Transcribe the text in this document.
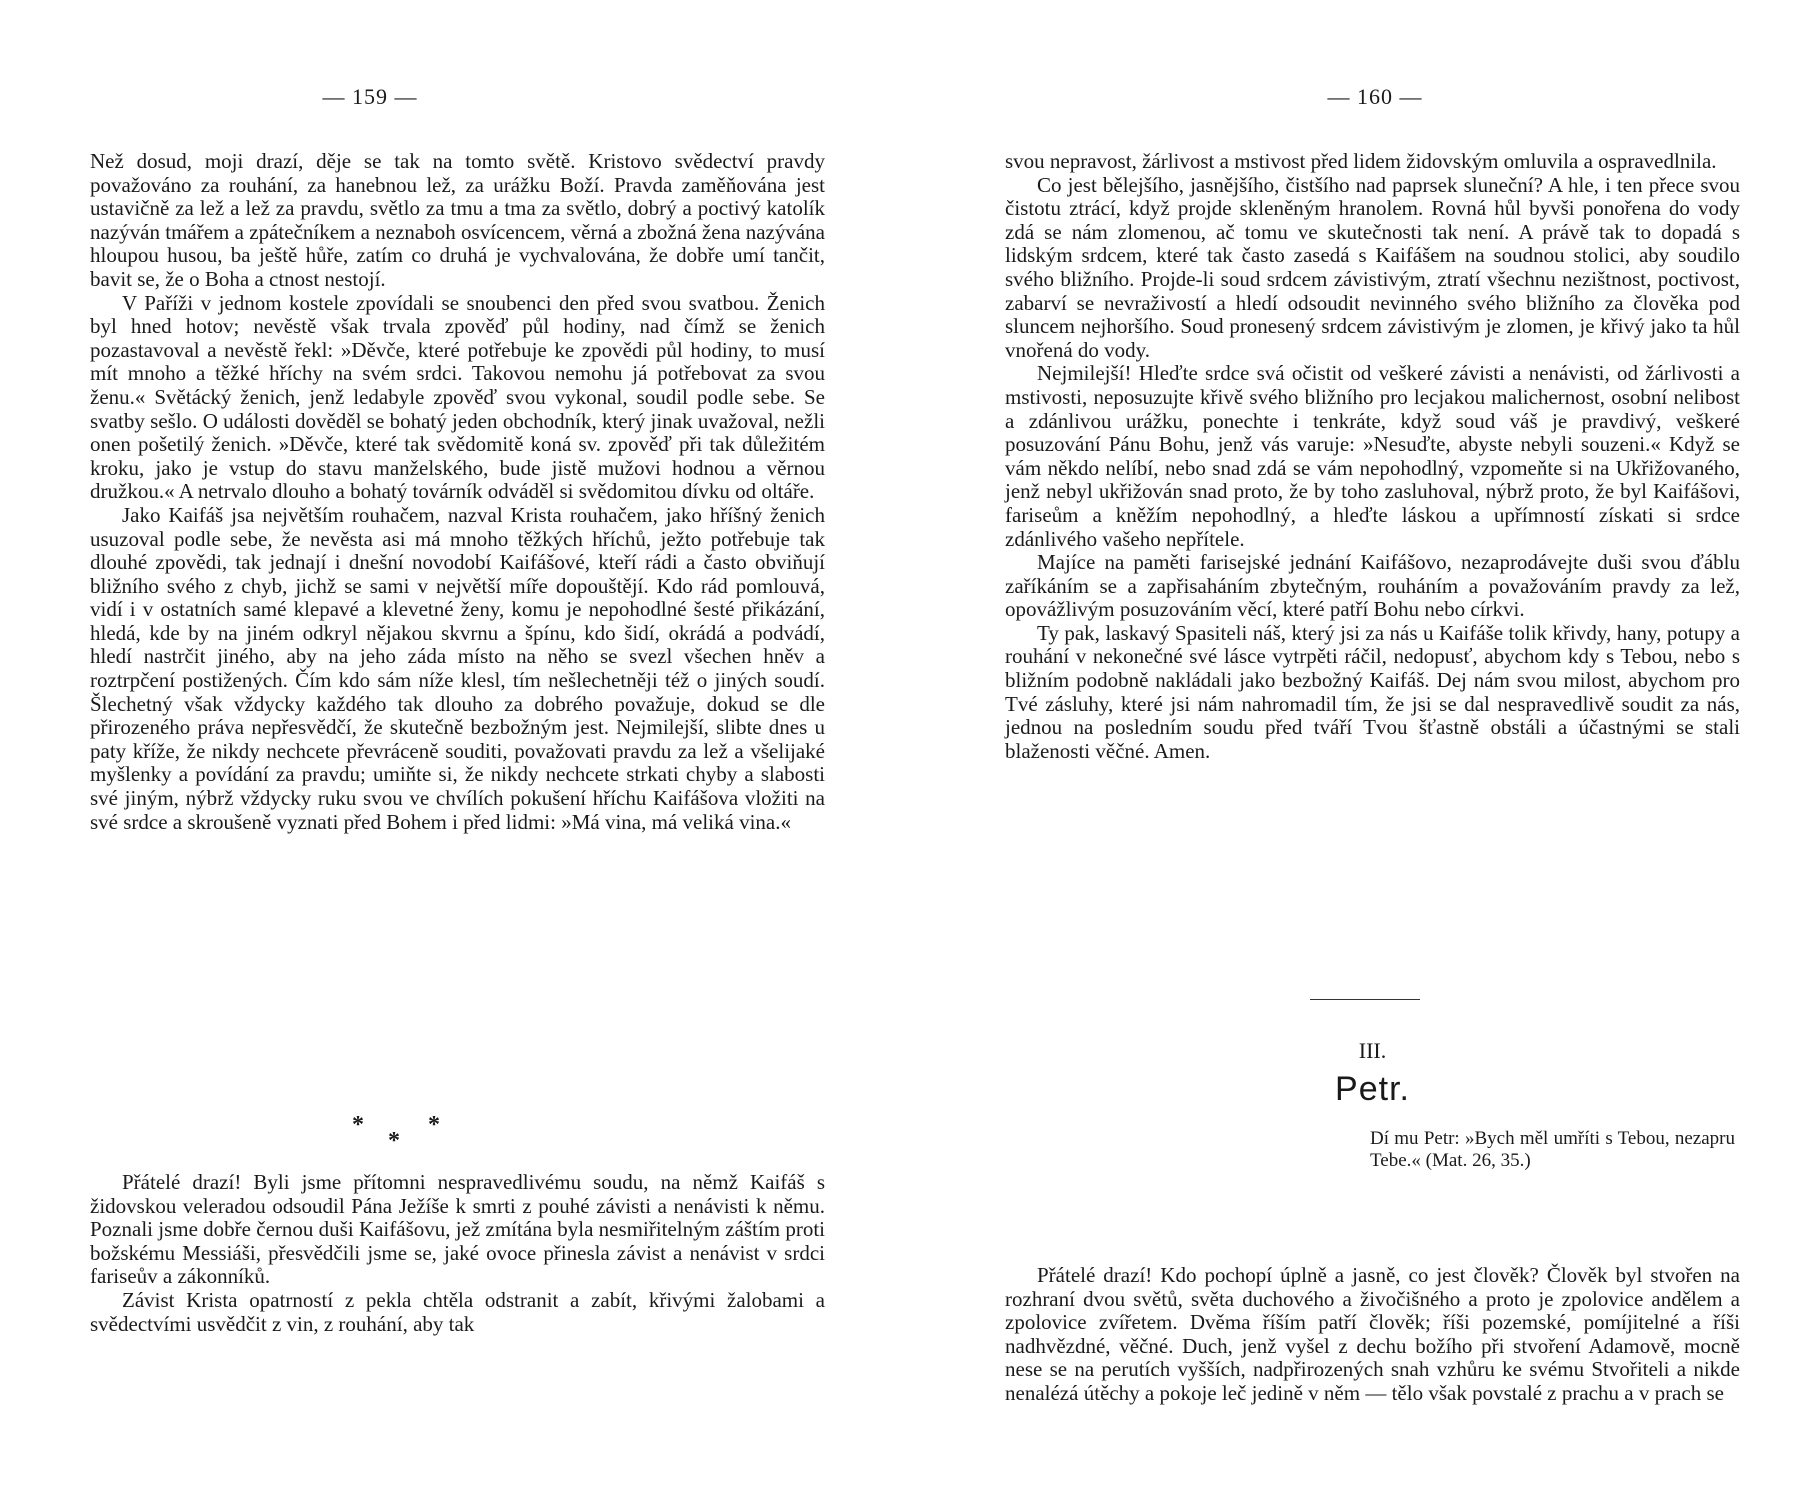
— 159 —

Než dosud, moji drazí, děje se tak na tomto světě. Kristovo svědectví pravdy považováno za rouhání, za hanebnou lež, za urážku Boží. Pravda zaměňována jest ustavičně za lež a lež za pravdu, světlo za tmu a tma za světlo, dobrý a poctivý katolík nazýván tmářem a zpátečníkem a neznaboh osvícencem, věrná a zbožná žena nazývána hloupou husou, ba ještě hůře, zatím co druhá je vychvalována, že dobře umí tančit, bavit se, že o Boha a ctnost nestojí.

V Paříži v jednom kostele zpovídali se snoubenci den před svou svatbou. Ženich byl hned hotov; nevěstě však trvala zpověď půl hodiny, nad čímž se ženich pozastavoval a nevěstě řekl: »Děvče, které potřebuje ke zpovědi půl hodiny, to musí mít mnoho a těžké hříchy na svém srdci. Takovou nemohu já potřebovat za svou ženu.« Světácký ženich, jenž ledabyle zpověď svou vykonal, soudil podle sebe. Se svatby sešlo. O události dověděl se bohatý jeden obchodník, který jinak uvažoval, nežli onen pošetilý ženich. »Děvče, které tak svědomitě koná sv. zpověď při tak důležitém kroku, jako je vstup do stavu manželského, bude jistě mužovi hodnou a věrnou družkou.« A netrvalo dlouho a bohatý továrník odváděl si svědomitou dívku od oltáře.

Jako Kaifáš jsa největším rouhačem, nazval Krista rouhačem, jako hříšný ženich usuzoval podle sebe, že nevěsta asi má mnoho těžkých hříchů, ježto potřebuje tak dlouhé zpovědi, tak jednají i dnešní novodobí Kaifášové, kteří rádi a často obviňují bližního svého z chyb, jichž se sami v největší míře dopouštějí. Kdo rád pomlouvá, vidí i v ostatních samé klepavé a klevetné ženy, komu je nepohodlné šesté přikázání, hledá, kde by na jiném odkryl nějakou skvrnu a špínu, kdo šidí, okrádá a podvádí, hledí nastrčit jiného, aby na jeho záda místo na něho se svezl všechen hněv a roztrpčení postižených. Čím kdo sám níže klesl, tím nešlechetněji též o jiných soudí. Šlechetný však vždycky každého tak dlouho za dobrého považuje, dokud se dle přirozeného práva nepřesvědčí, že skutečně bezbožným jest. Nejmilejší, slibte dnes u paty kříže, že nikdy nechcete převráceně souditi, považovati pravdu za lež a všelijaké myšlenky a povídání za pravdu; umiňte si, že nikdy nechcete strkati chyby a slabosti své jiným, nýbrž vždycky ruku svou ve chvílích pokušení hříchu Kaifášova vložiti na své srdce a skroušeně vyznati před Bohem i před lidmi: »Má vina, má veliká vina.«

*
*
*

Přátelé drazí! Byli jsme přítomni nespravedlivému soudu, na němž Kaifáš s židovskou veleradou odsoudil Pána Ježíše k smrti z pouhé závisti a nenávisti k němu. Poznali jsme dobře černou duši Kaifášovu, jež zmítána byla nesmiřitelným záštím proti božskému Messiáši, přesvědčili jsme se, jaké ovoce přinesla závist a nenávist v srdci fariseův a zákonníků.

Závist Krista opatrností z pekla chtěla odstranit a zabít, křivými žalobami a svědectvími usvědčit z vin, z rouhání, aby tak

— 160 —

svou nepravost, žárlivost a mstivost před lidem židovským omluvila a ospravedlnila.

Co jest bělejšího, jasnějšího, čistšího nad paprsek sluneční? A hle, i ten přece svou čistotu ztrácí, když projde skleněným hranolem. Rovná hůl byvši ponořena do vody zdá se nám zlomenou, ač tomu ve skutečnosti tak není. A právě tak to dopadá s lidským srdcem, které tak často zasedá s Kaifášem na soudnou stolici, aby soudilo svého bližního. Projde-li soud srdcem závistivým, ztratí všechnu nezištnost, poctivost, zabarví se nevraživostí a hledí odsoudit nevinného svého bližního za člověka pod sluncem nejhoršího. Soud pronesený srdcem závistivým je zlomen, je křivý jako ta hůl vnořená do vody.

Nejmilejší! Hleďte srdce svá očistit od veškeré závisti a nenávisti, od žárlivosti a mstivosti, neposuzujte křivě svého bližního pro lecjakou malichernost, osobní nelibost a zdánlivou urážku, ponechte i tenkráte, když soud váš je pravdivý, veškeré posuzování Pánu Bohu, jenž vás varuje: »Nesuďte, abyste nebyli souzeni.« Když se vám někdo nelíbí, nebo snad zdá se vám nepohodlný, vzpomeňte si na Ukřižovaného, jenž nebyl ukřižován snad proto, že by toho zasluhoval, nýbrž proto, že byl Kaifášovi, fariseům a kněžím nepohodlný, a hleďte láskou a upřímností získati si srdce zdánlivého vašeho nepřítele.

Majíce na paměti farisejské jednání Kaifášovo, nezaprodávejte duši svou ďáblu zaříkáním se a zapřisaháním zbytečným, rouháním a považováním pravdy za lež, opovážlivým posuzováním věcí, které patří Bohu nebo církvi.

Ty pak, laskavý Spasiteli náš, který jsi za nás u Kaifáše tolik křivdy, hany, potupy a rouhání v nekonečné své lásce vytrpěti ráčil, nedopusť, abychom kdy s Tebou, nebo s bližním podobně nakládali jako bezbožný Kaifáš. Dej nám svou milost, abychom pro Tvé zásluhy, které jsi nám nahromadil tím, že jsi se dal nespravedlivě soudit za nás, jednou na posledním soudu před tváří Tvou šťastně obstáli a účastnými se stali blaženosti věčné. Amen.

III.
Petr.

Dí mu Petr: »Bych měl umříti s Tebou, nezapru Tebe.« (Mat. 26, 35.)

Přátelé drazí! Kdo pochopí úplně a jasně, co jest člověk? Člověk byl stvořen na rozhraní dvou světů, světa duchového a živočišného a proto je zpolovice andělem a zpolovice zvířetem. Dvěma říším patří člověk; říši pozemské, pomíjitelné a říši nadhvězdné, věčné. Duch, jenž vyšel z dechu božího při stvoření Adamově, mocně nese se na perutích vyšších, nadpřirozených snah vzhůru ke svému Stvořiteli a nikde nenalézá útěchy a pokoje leč jedině v něm — tělo však povstalé z prachu a v prach se
